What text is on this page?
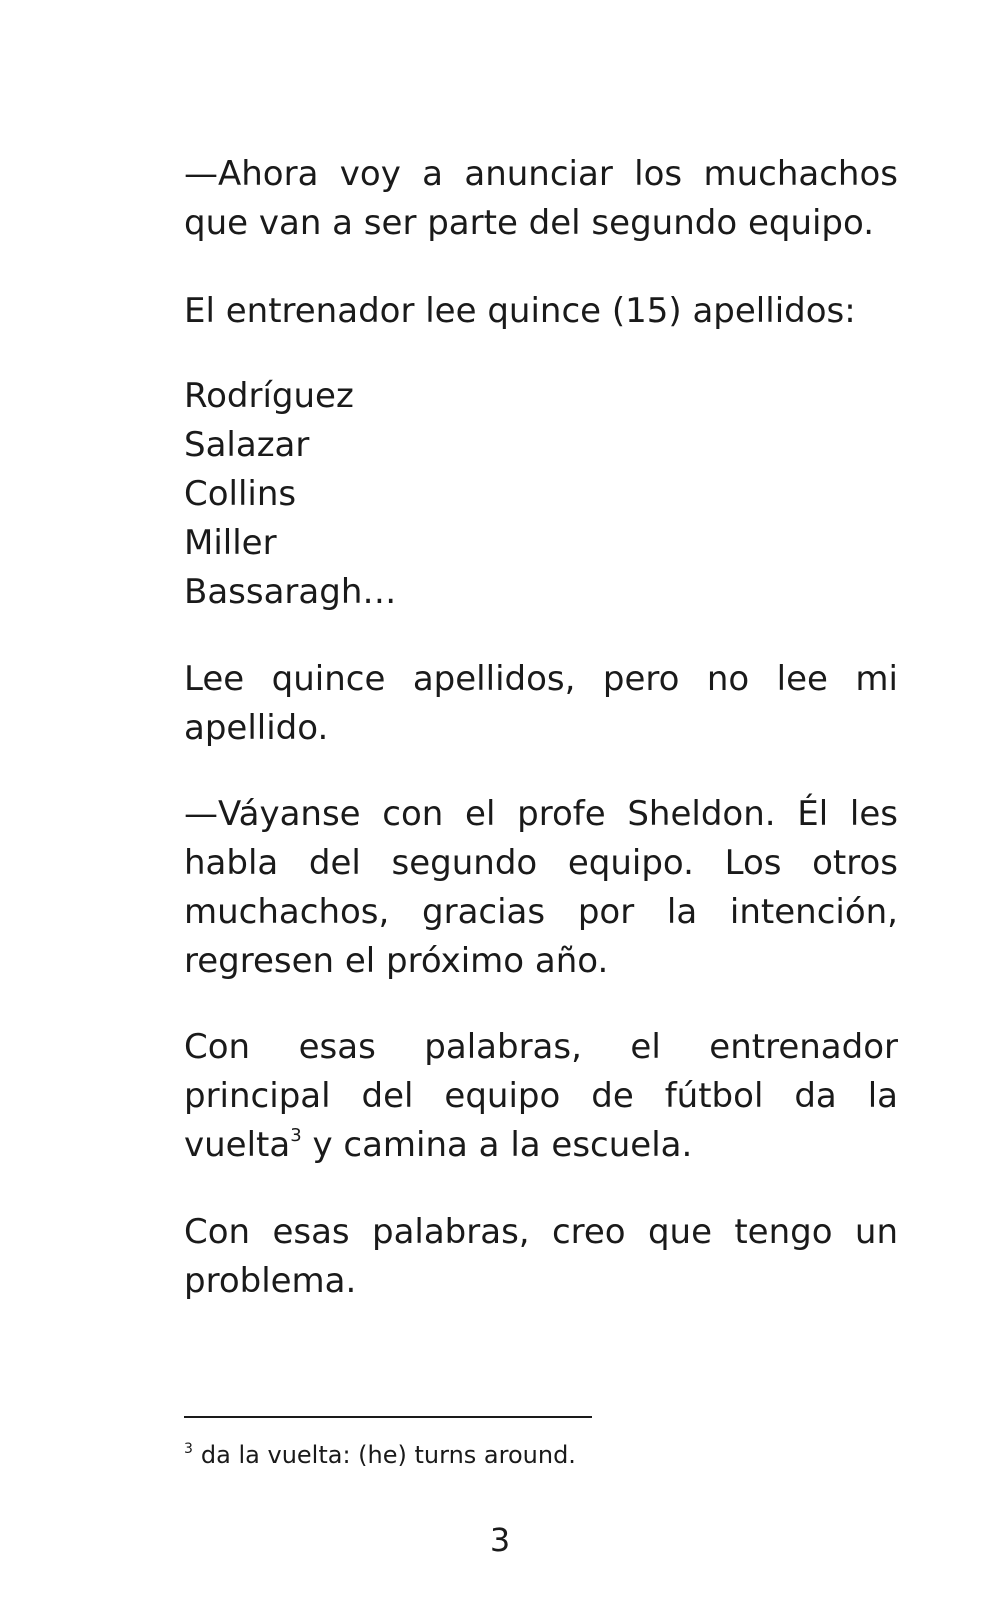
—Ahora voy a anunciar los muchachos que van a ser parte del segundo equipo.

El entrenador lee quince (15) apellidos:

Rodríguez
Salazar
Collins
Miller
Bassaragh…

Lee quince apellidos, pero no lee mi apellido.

—Váyanse con el profe Sheldon. Él les habla del segundo equipo. Los otros muchachos, gracias por la intención, regresen el próximo año.

Con esas palabras, el entrenador principal del equipo de fútbol da la vuelta$^3$ y camina a la escuela.

Con esas palabras, creo que tengo un problema.

$^3$ da la vuelta: (he) turns around.
3
